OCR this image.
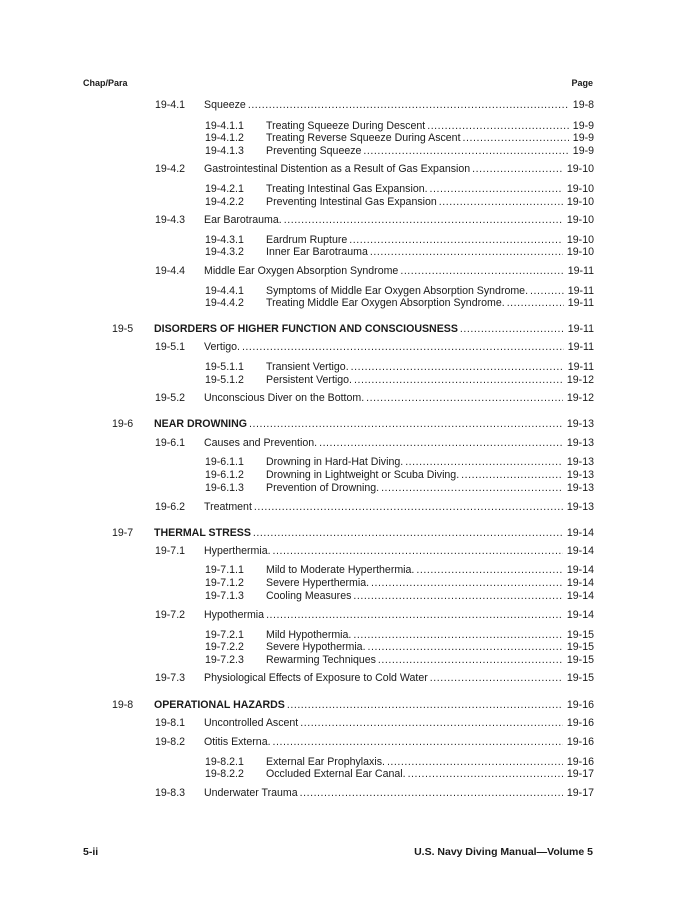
Chap/Para	Page
19-4.1 Squeeze . . .	19-8
19-4.1.1 Treating Squeeze During Descent . . .	19-9
19-4.1.2 Treating Reverse Squeeze During Ascent . . .	19-9
19-4.1.3 Preventing Squeeze . . .	19-9
19-4.2 Gastrointestinal Distention as a Result of Gas Expansion . . .	19-10
19-4.2.1 Treating Intestinal Gas Expansion. . . .	19-10
19-4.2.2 Preventing Intestinal Gas Expansion . . .	19-10
19-4.3 Ear Barotrauma. . . .	19-10
19-4.3.1 Eardrum Rupture . . .	19-10
19-4.3.2 Inner Ear Barotrauma . . .	19-10
19-4.4 Middle Ear Oxygen Absorption Syndrome . . .	19-11
19-4.4.1 Symptoms of Middle Ear Oxygen Absorption Syndrome. . . .	19-11
19-4.4.2 Treating Middle Ear Oxygen Absorption Syndrome. . . .	19-11
19-5 DISORDERS OF HIGHER FUNCTION AND CONSCIOUSNESS . . .	19-11
19-5.1 Vertigo. . . .	19-11
19-5.1.1 Transient Vertigo. . . .	19-11
19-5.1.2 Persistent Vertigo. . . .	19-12
19-5.2 Unconscious Diver on the Bottom. . . .	19-12
19-6 NEAR DROWNING . . .	19-13
19-6.1 Causes and Prevention. . . .	19-13
19-6.1.1 Drowning in Hard-Hat Diving. . . .	19-13
19-6.1.2 Drowning in Lightweight or Scuba Diving. . . .	19-13
19-6.1.3 Prevention of Drowning. . . .	19-13
19-6.2 Treatment . . .	19-13
19-7 THERMAL STRESS . . .	19-14
19-7.1 Hyperthermia. . . .	19-14
19-7.1.1 Mild to Moderate Hyperthermia. . . .	19-14
19-7.1.2 Severe Hyperthermia. . . .	19-14
19-7.1.3 Cooling Measures . . .	19-14
19-7.2 Hypothermia . . .	19-14
19-7.2.1 Mild Hypothermia. . . .	19-15
19-7.2.2 Severe Hypothermia. . . .	19-15
19-7.2.3 Rewarming Techniques . . .	19-15
19-7.3 Physiological Effects of Exposure to Cold Water . . .	19-15
19-8 OPERATIONAL HAZARDS . . .	19-16
19-8.1 Uncontrolled Ascent . . .	19-16
19-8.2 Otitis Externa. . . .	19-16
19-8.2.1 External Ear Prophylaxis. . . .	19-16
19-8.2.2 Occluded External Ear Canal. . . .	19-17
19-8.3 Underwater Trauma . . .	19-17
5-ii	U.S. Navy Diving Manual—Volume 5
